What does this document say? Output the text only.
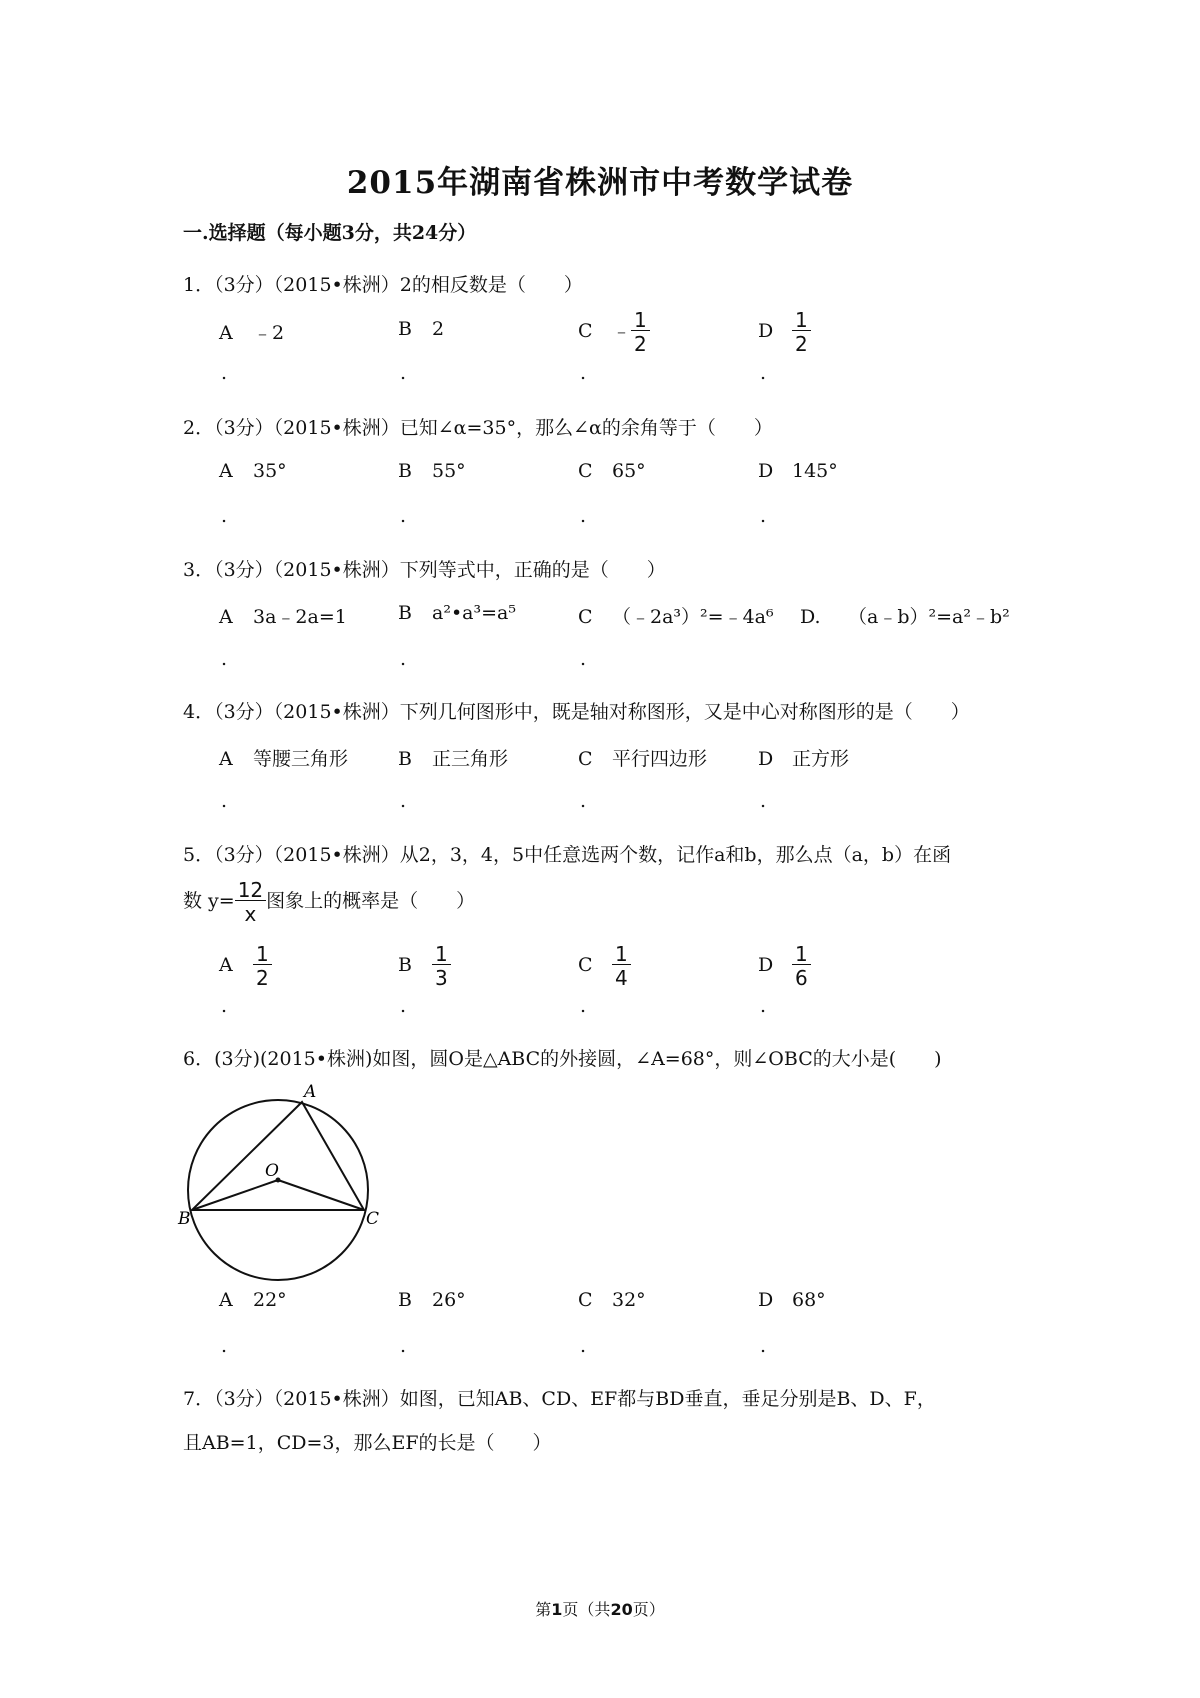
2015年湖南省株洲市中考数学试卷
一.选择题（每小题3分，共24分）
1．（3分）（2015•株洲）2的相反数是（　　）
A ﹣2	B 2	C ﹣ $\frac{1}{2}$	D $\frac{1}{2}$
.	.	.	.
2．（3分）（2015•株洲）已知∠α=35°，那么∠α的余角等于（　　）
A 35°	B 55°	C 65°	D 145°
.	.	.	.
3．（3分）（2015•株洲）下列等式中，正确的是（　　）
A 3a﹣2a=1	B a²•a³=a⁵	C （﹣2a³）²=﹣4a⁶ D. （a﹣b）²=a²﹣b²
.	.	.
4．（3分）（2015•株洲）下列几何图形中，既是轴对称图形，又是中心对称图形的是（　　）
A 等腰三角形	B 正三角形	C 平行四边形	D 正方形
.	.	.	.
5．（3分）（2015•株洲）从2，3，4，5中任意选两个数，记作a和b，那么点（a，b）在函
数 $y= \frac{12}{x}$ 图象上的概率是（　　）
A $\frac{1}{2}$	B $\frac{1}{3}$	C $\frac{1}{4}$	D $\frac{1}{6}$
.	.	.	.
6．(3分)(2015•株洲)如图，圆O是△ABC的外接圆，∠A=68°，则∠OBC的大小是(　　)
A
B	C
O
A 22°	B 26°	C 32°	D 68°
.	.	.	.
7．（3分）（2015•株洲）如图，已知AB、CD、EF都与BD垂直，垂足分别是B、D、F，
且AB=1，CD=3，那么EF的长是（　　）
第1页（共20页）
